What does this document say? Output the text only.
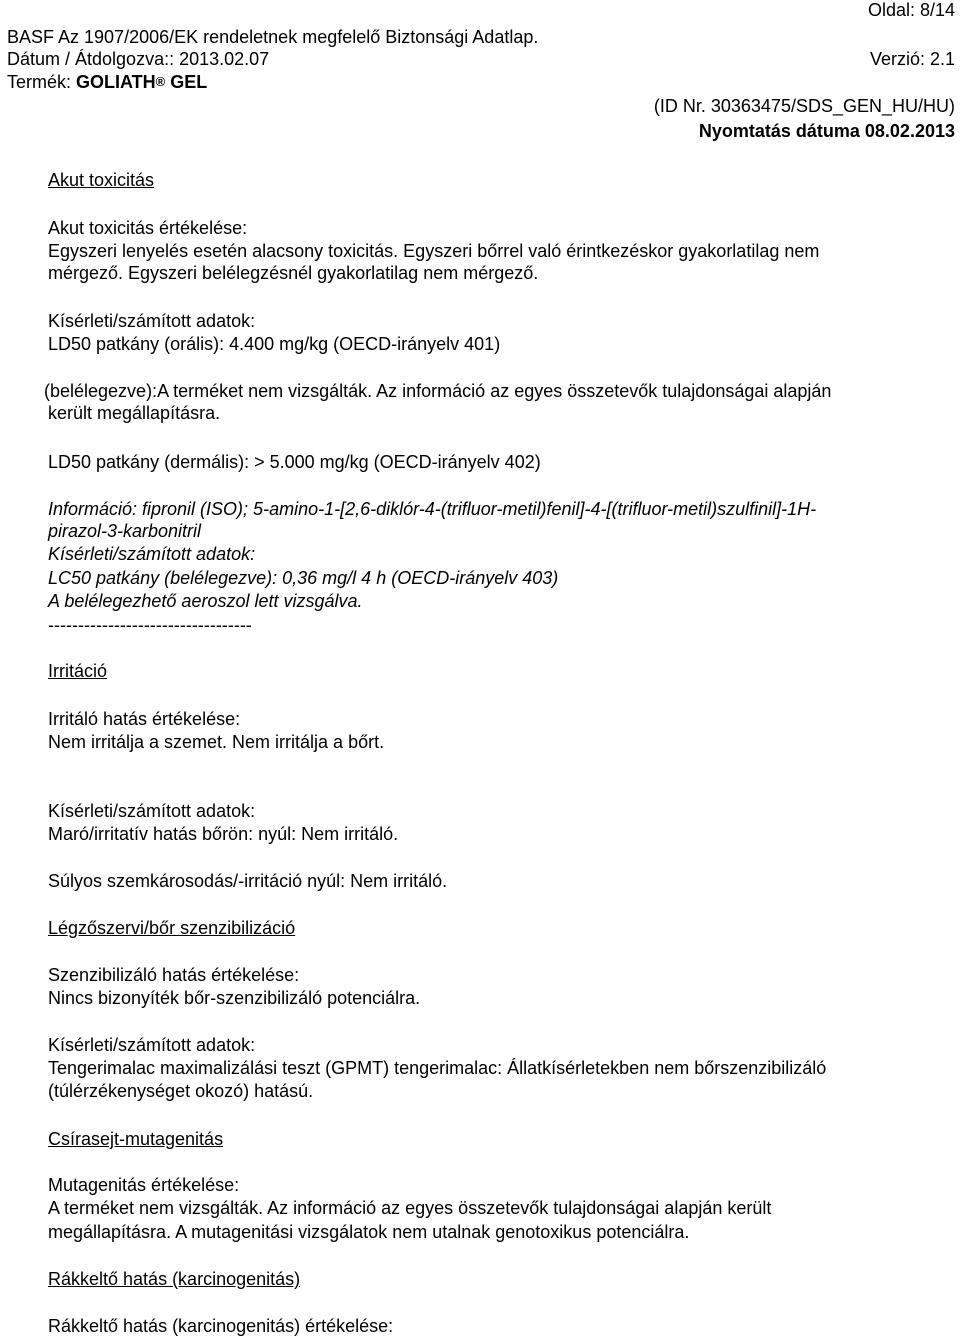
Oldal: 8/14
BASF Az 1907/2006/EK rendeletnek megfelelő Biztonsági Adatlap.
Dátum / Átdolgozva:: 2013.02.07	Verzió: 2.1
Termék: GOLIATH® GEL
(ID Nr. 30363475/SDS_GEN_HU/HU)
Nyomtatás dátuma 08.02.2013
Akut toxicitás
Akut toxicitás értékelése:
Egyszeri lenyelés esetén alacsony toxicitás. Egyszeri bőrrel való érintkezéskor gyakorlatilag nem
mérgező. Egyszeri belélegzésnél gyakorlatilag nem mérgező.
Kísérleti/számított adatok:
LD50 patkány (orális): 4.400 mg/kg (OECD-irányelv 401)
(belélegezve):A terméket nem vizsgálták. Az információ az egyes összetevők tulajdonságai alapján
került megállapításra.
LD50 patkány (dermális): > 5.000 mg/kg (OECD-irányelv 402)
Információ: fipronil (ISO); 5-amino-1-[2,6-diklór-4-(trifluor-metil)fenil]-4-[(trifluor-metil)szulfinil]-1H-
pirazol-3-karbonitril
Kísérleti/számított adatok:
LC50 patkány (belélegezve): 0,36 mg/l 4 h (OECD-irányelv 403)
A belélegezhető aeroszol lett vizsgálva.
----------------------------------
Irritáció
Irritáló hatás értékelése:
Nem irritálja a szemet. Nem irritálja a bőrt.
Kísérleti/számított adatok:
Maró/irritatív hatás bőrön: nyúl: Nem irritáló.
Súlyos szemkárosodás/-irritáció nyúl: Nem irritáló.
Légzőszervi/bőr szenzibilizáció
Szenzibilizáló hatás értékelése:
Nincs bizonyíték bőr-szenzibilizáló potenciálra.
Kísérleti/számított adatok:
Tengerimalac maximalizálási teszt (GPMT) tengerimalac: Állatkísérletekben nem bőrszenzibilizáló
(túlérzékenységet okozó) hatású.
Csírasejt-mutagenitás
Mutagenitás értékelése:
A terméket nem vizsgálták. Az információ az egyes összetevők tulajdonságai alapján került
megállapításra. A mutagenitási vizsgálatok nem utalnak genotoxikus potenciálra.
Rákkeltő hatás (karcinogenitás)
Rákkeltő hatás (karcinogenitás) értékelése:
